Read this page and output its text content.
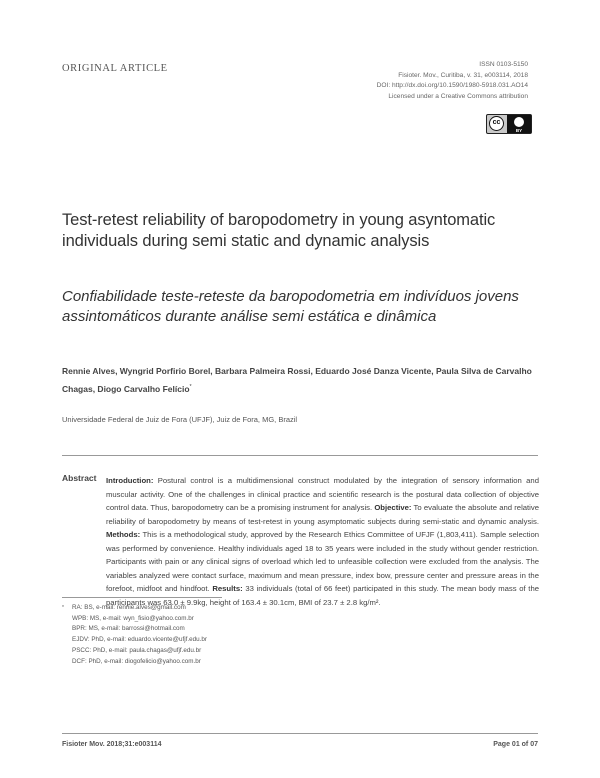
ORIGINAL ARTICLE	ISSN 0103-5150
Fisioter. Mov., Curitiba, v. 31, e003114, 2018
DOI: http://dx.doi.org/10.1590/1980-5918.031.AO14
Licensed under a Creative Commons attribution
cc
BY
Test-retest reliability of baropodometry in young asyntomatic individuals during semi static and dynamic analysis
Confiabilidade teste-reteste da baropodometria em indivíduos jovens assintomáticos durante análise semi estática e dinâmica
Rennie Alves, Wyngrid Porfirio Borel, Barbara Palmeira Rossi, Eduardo José Danza Vicente, Paula Silva de Carvalho Chagas, Diogo Carvalho Felício*
Universidade Federal de Juiz de Fora (UFJF), Juiz de Fora, MG, Brazil
Abstract Introduction: Postural control is a multidimensional construct modulated by the integration of sensory information and muscular activity. One of the challenges in clinical practice and scientific research is the postural data collection of objective control data. Thus, baropodometry can be a promising instrument for analysis. Objective: To evaluate the absolute and relative reliability of baropodometry by means of test-retest in young asymptomatic subjects during semi-static and dynamic analysis. Methods: This is a methodological study, approved by the Research Ethics Committee of UFJF (1,803,411). Sample selection was performed by convenience. Healthy individuals aged 18 to 35 years were included in the study without gender restriction. Participants with pain or any clinical signs of overload which led to unfeasible collection were excluded from the analysis. The variables analyzed were contact surface, maximum and mean pressure, index bow, pressure center and pressure areas in the forefoot, midfoot and hindfoot. Results: 33 individuals (total of 66 feet) participated in this study. The mean body mass of the participants was 63.0 ± 9.9kg, height of 163.4 ± 30.1cm, BMI of 23.7 ± 2.8 kg/m².
* RA: BS, e-mail: rennie.alves@gmail.com
WPB: MS, e-mail: wyn_fisio@yahoo.com.br
BPR: MS, e-mail: barrossi@hotmail.com
EJDV: PhD, e-mail: eduardo.vicente@ufjf.edu.br
PSCC: PhD, e-mail: paula.chagas@ufjf.edu.br
DCF: PhD, e-mail: diogofelicio@yahoo.com.br
Fisioter Mov. 2018;31:e003114	Page 01 of 07
